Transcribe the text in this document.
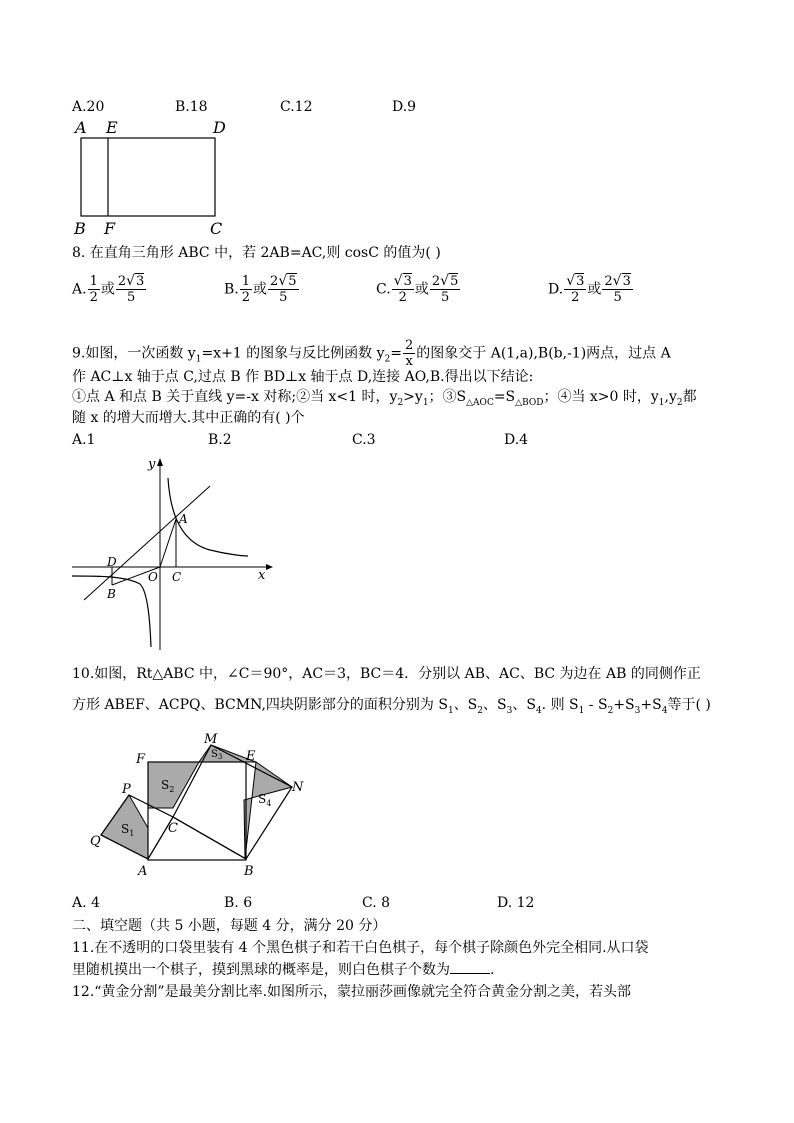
A.20	B.18	C.12	D.9
A E	D
B F	C
8. 在直角三角形 ABC 中，若 2AB=AC,则 cosC 的值为( )
A. $\frac{1}{2}$ 或 $\frac{2√3}{5}$	B. $\frac{1}{2}$ 或 $\frac{2√5}{5}$	C. $\frac{√3}{2}$ 或 $\frac{2√5}{5}$	D. $\frac{√3}{2}$ 或 $\frac{2√3}{5}$
9.如图，一次函数 $y_1=x+1$ 的图象与反比例函数 $y_2= \frac{2}{x}$ 的图象交于 A(1,a),B(b,-1)两点，过点 A
作 AC⊥x 轴于点 C,过点 B 作 BD⊥x 轴于点 D,连接 AO,B.得出以下结论:
①点 A 和点 B 关于直线 y=-x 对称;②当 x<1 时，$y_2>y_1$；$③S_{\triangle AOC}=S_{\triangle BOD}$；④当 x>0 时，$y_1,y_2$都
随 x 的增大而增大.其中正确的有( )个
A.1	B.2	C.3	D.4
y
x
A
D
B
O C
10.如图，Rt△ABC 中，∠C＝90°，AC＝3，BC＝4．分别以 AB、AC、BC 为边在 AB 的同侧作正
方形 ABEF、ACPQ、BCMN,四块阴影部分的面积分别为 $S_1$、$S_2$、$S_3$、$S_4$. 则 $S_1 - S_2+S_3+S_4$等于( )
A	B
C
P
Q
F
M
E
N
$S_1$
$S_2$
$S_3$
$S_4$
A. 4	B. 6	C. 8	D. 12
二、填空题（共 5 小题，每题 4 分，满分 20 分）
11.在不透明的口袋里装有 4 个黑色棋子和若干白色棋子，每个棋子除颜色外完全相同.从口袋
里随机摸出一个棋子，摸到黑球的概率是，则白色棋子个数为	.
12.“黄金分割”是最美分割比率.如图所示，蒙拉丽莎画像就完全符合黄金分割之美，若头部
